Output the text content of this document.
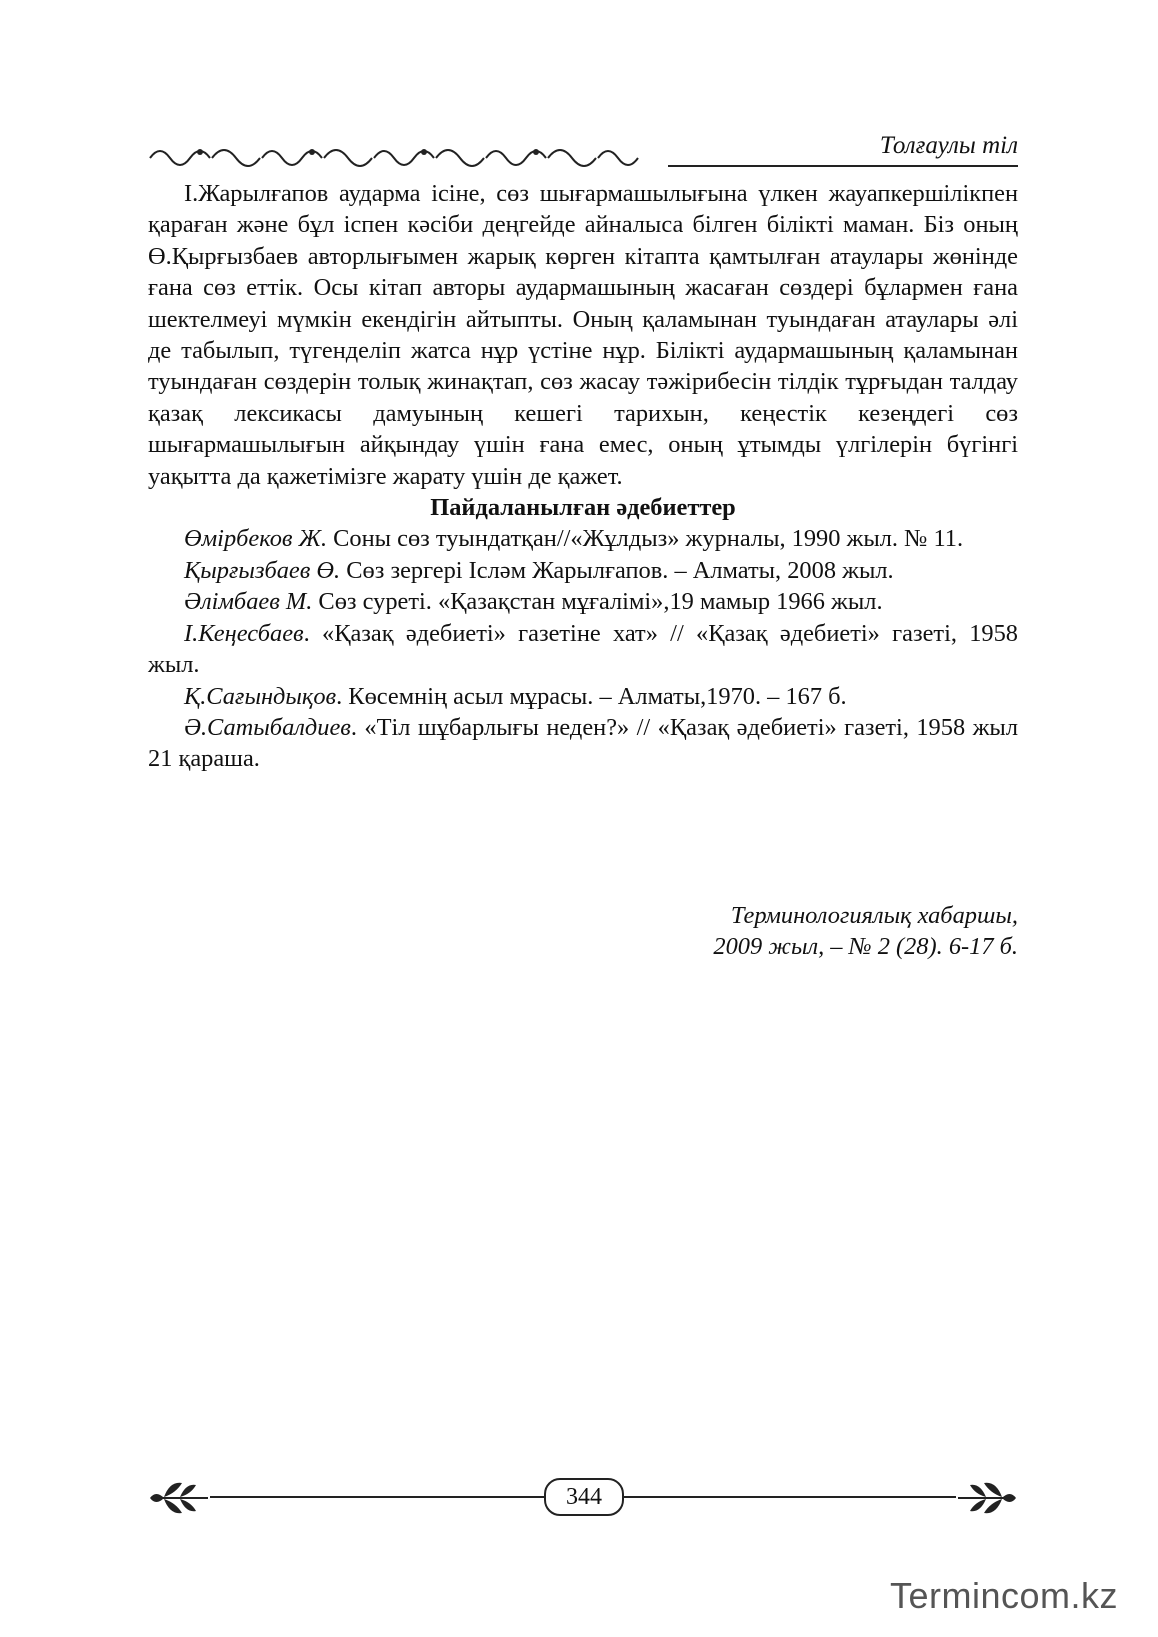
Толғаулы тіл

І.Жарылғапов аударма ісіне, сөз шығармашылығына үлкен жауапкершілікпен қараған және бұл іспен кәсіби деңгейде айналыса білген білікті маман. Біз оның Ө.Қырғызбаев авторлығымен жарық көрген кітапта қамтылған атаулары жөнінде ғана сөз еттік. Осы кітап авторы аудармашының жасаған сөздері бұлармен ғана шектелмеуі мүмкін екендігін айтыпты. Оның қаламынан туындаған атаулары әлі де табылып, түгенделіп жатса нұр үстіне нұр. Білікті аудармашының қаламынан туындаған сөздерін толық жинақтап, сөз жасау тәжірибесін тілдік тұрғыдан талдау қазақ лексикасы дамуының кешегі тарихын, кеңестік кезеңдегі сөз шығармашылығын айқындау үшін ғана емес, оның ұтымды үлгілерін бүгінгі уақытта да қажетімізге жарату үшін де қажет.

Пайдаланылған әдебиеттер

Өмірбеков Ж. Соны сөз туындатқан//«Жұлдыз» журналы, 1990 жыл. № 11.

Қырғызбаев Ө. Сөз зергері Ісләм Жарылғапов. – Алматы, 2008 жыл.

Әлімбаев М. Сөз суреті. «Қазақстан мұғалімі»,19 мамыр 1966 жыл.

І.Кеңесбаев. «Қазақ әдебиеті» газетіне хат» // «Қазақ әдебиеті» газеті, 1958 жыл.

Қ.Сағындықов. Көсемнің асыл мұрасы. – Алматы,1970. – 167 б.

Ә.Сатыбалдиев. «Тіл шұбарлығы неден?» // «Қазақ әдебиеті» газеті, 1958 жыл 21 қараша.

Терминологиялық хабаршы,
2009 жыл, – № 2 (28). 6-17 б.
344
Termincom.kz
